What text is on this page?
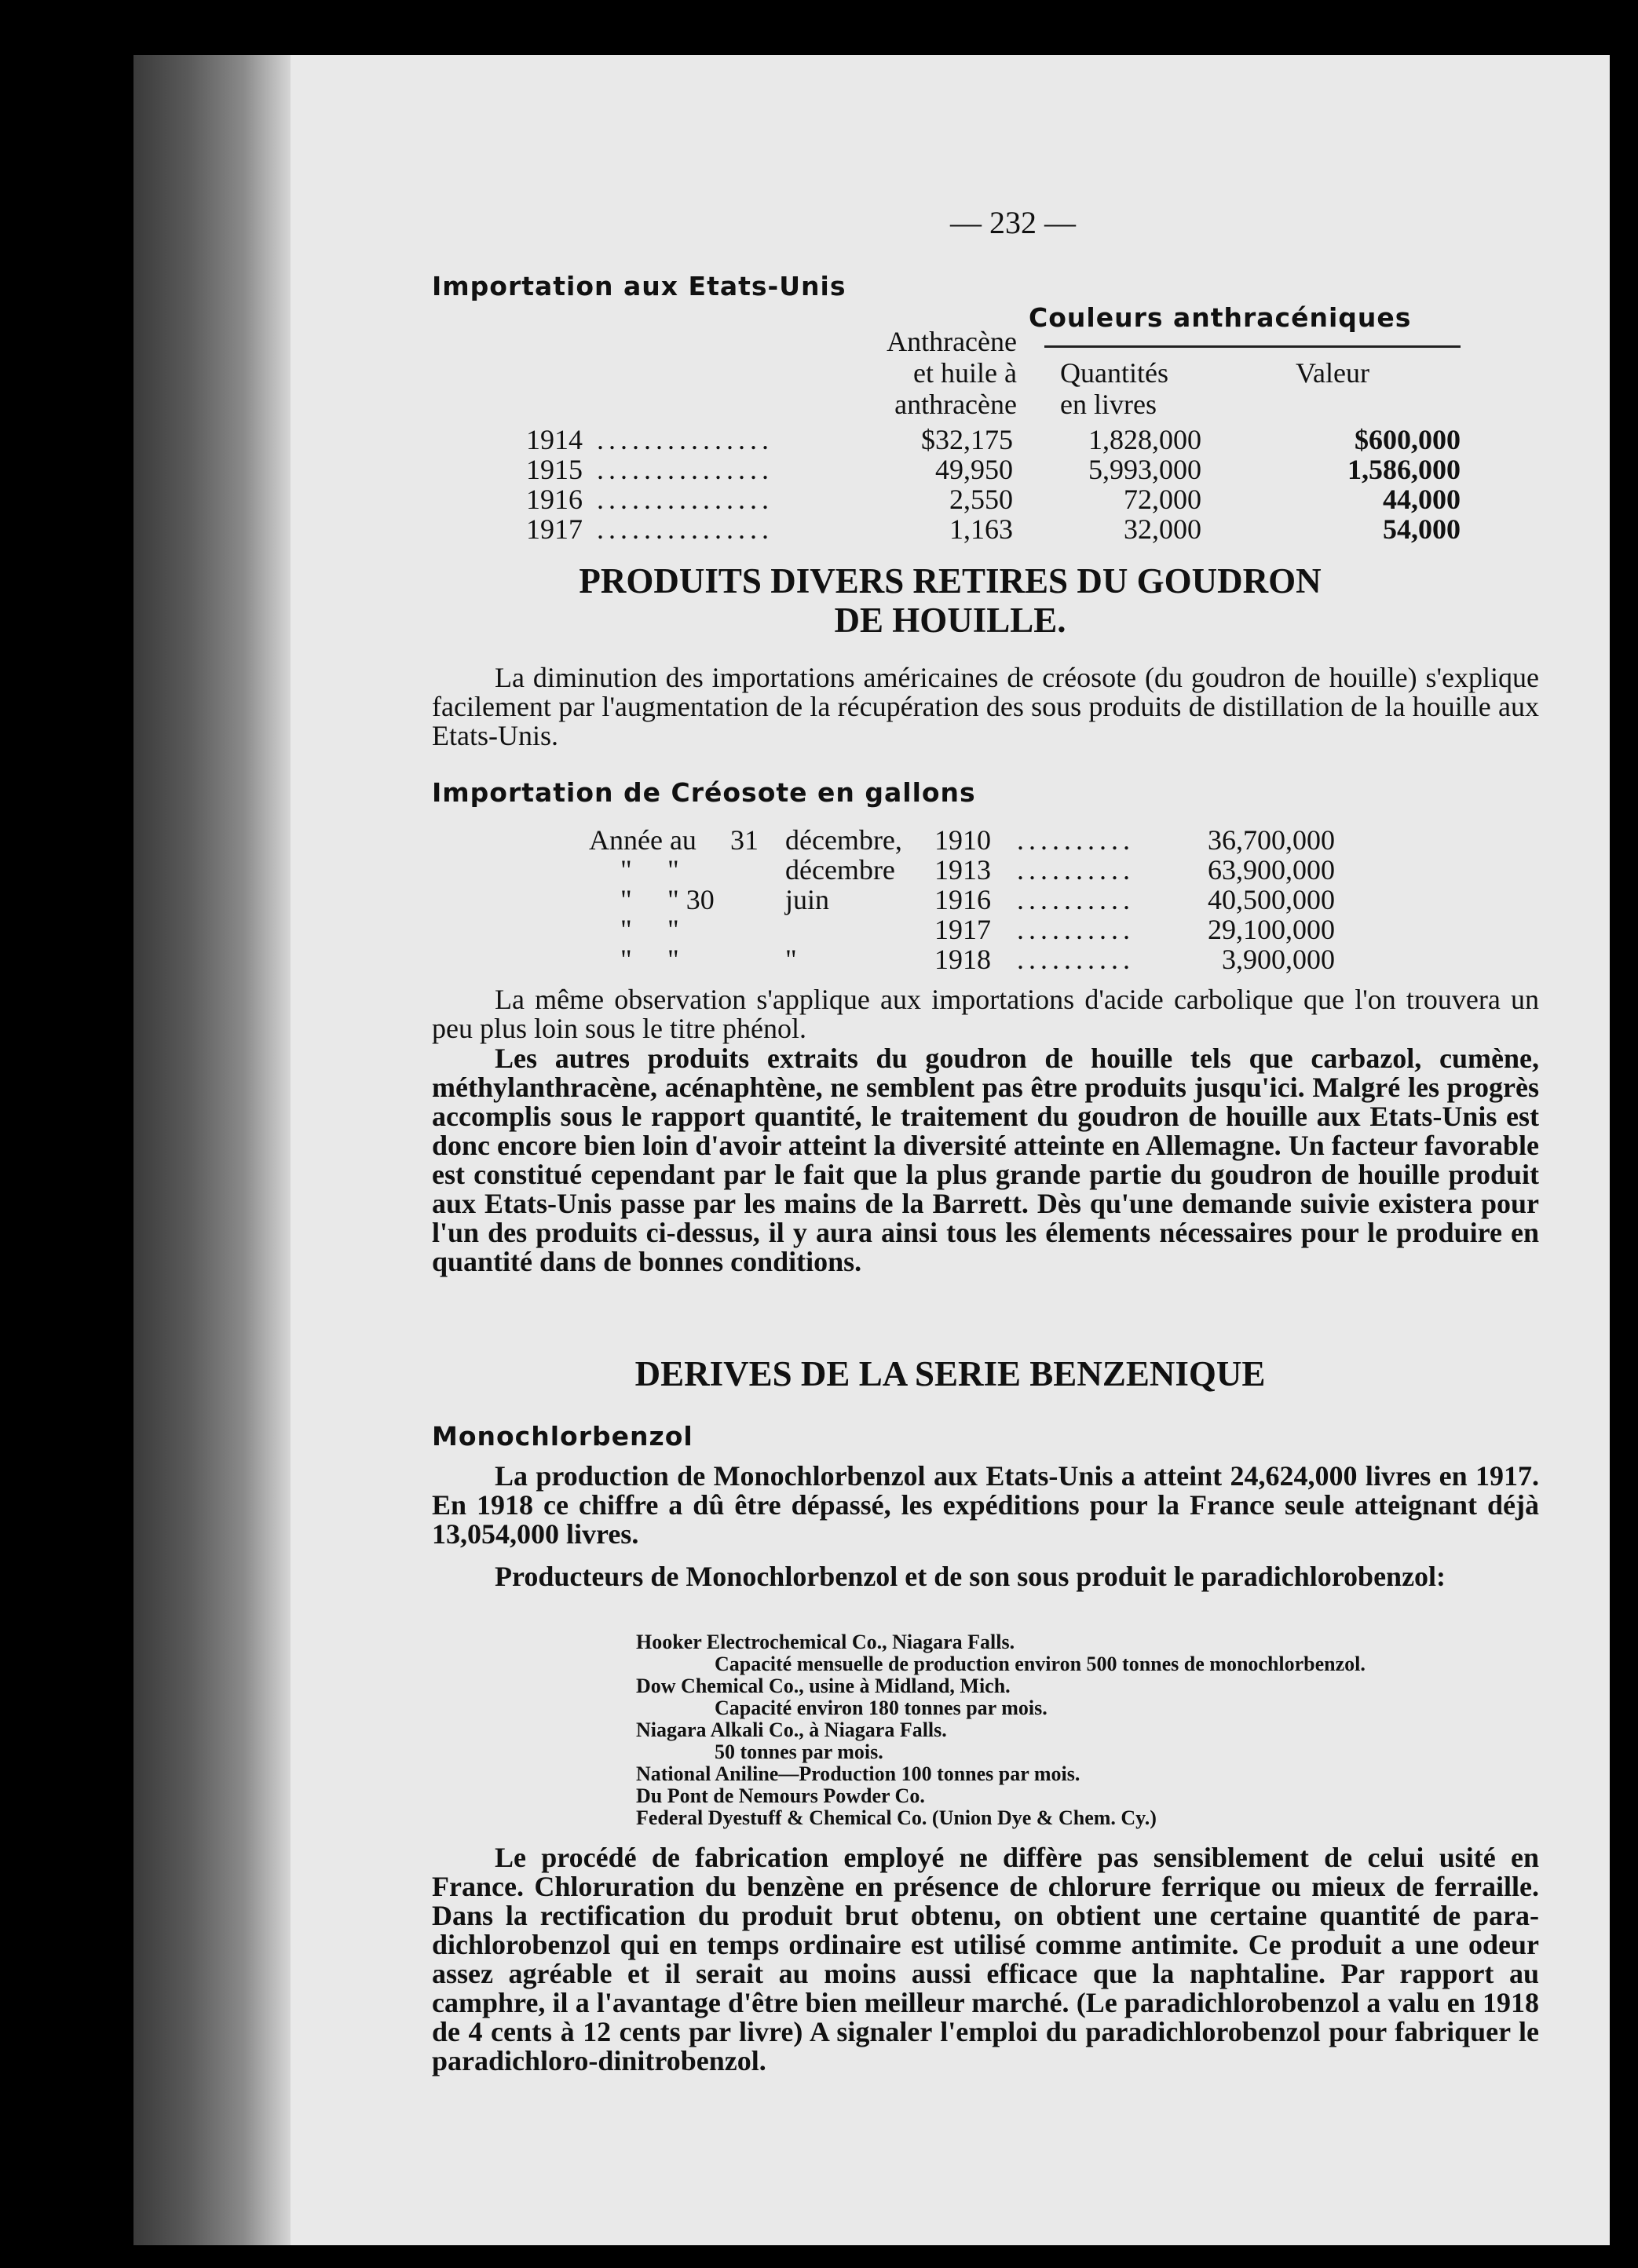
— 232 —
Importation aux Etats-Unis
Couleurs anthracéniques
Anthracène
et huile à
anthracène
Quantités
en livres
Valeur
1914 ...............	$32,175	1,828,000	$600,000
1915 ...............	49,950	5,993,000	1,586,000
1916 ...............	2,550	72,000	44,000
1917 ...............	1,163	32,000	54,000
PRODUITS DIVERS RETIRES DU GOUDRON
DE HOUILLE.
La diminution des importations américaines de créosote (du goudron de houille) s'explique facilement par l'augmentation de la récupération des sous produits de distillation de la houille aux Etats-Unis.
Importation de Créosote en gallons
Année au 31 décembre, 1910 ..........	36,700,000
" "	décembre 1913 ..........	63,900,000
" " 30	juin	1916 ..........	40,500,000
" "	1917 ..........	29,100,000
" "	"	1918 ..........	3,900,000
La même observation s'applique aux importations d'acide carbolique que l'on trouvera un peu plus loin sous le titre phénol.
Les autres produits extraits du goudron de houille tels que carbazol, cumène, méthylanthracène, acénaphtène, ne semblent pas être produits jusqu'ici. Malgré les progrès accomplis sous le rapport quantité, le traitement du goudron de houille aux Etats-Unis est donc encore bien loin d'avoir atteint la diversité atteinte en Allemagne. Un facteur favorable est constitué cependant par le fait que la plus grande partie du goudron de houille produit aux Etats-Unis passe par les mains de la Barrett. Dès qu'une demande suivie existera pour l'un des produits ci-dessus, il y aura ainsi tous les élements nécessaires pour le produire en quantité dans de bonnes conditions.
DERIVES DE LA SERIE BENZENIQUE
Monochlorbenzol
La production de Monochlorbenzol aux Etats-Unis a atteint 24,624,000 livres en 1917. En 1918 ce chiffre a dû être dépassé, les expéditions pour la France seule atteignant déjà 13,054,000 livres.
Producteurs de Monochlorbenzol et de son sous produit le paradichlorobenzol:
Hooker Electrochemical Co., Niagara Falls.
Capacité mensuelle de production environ 500 tonnes de monochlorbenzol.
Dow Chemical Co., usine à Midland, Mich.
Capacité environ 180 tonnes par mois.
Niagara Alkali Co., à Niagara Falls.
50 tonnes par mois.
National Aniline—Production 100 tonnes par mois.
Du Pont de Nemours Powder Co.
Federal Dyestuff & Chemical Co. (Union Dye & Chem. Cy.)
Le procédé de fabrication employé ne diffère pas sensiblement de celui usité en France. Chloruration du benzène en présence de chlorure ferrique ou mieux de ferraille. Dans la rectification du produit brut obtenu, on obtient une certaine quantité de para-dichlorobenzol qui en temps ordinaire est utilisé comme antimite. Ce produit a une odeur assez agréable et il serait au moins aussi efficace que la naphtaline. Par rapport au camphre, il a l'avantage d'être bien meilleur marché. (Le paradichlorobenzol a valu en 1918 de 4 cents à 12 cents par livre) A signaler l'emploi du paradichlorobenzol pour fabriquer le paradichloro-dinitrobenzol.
